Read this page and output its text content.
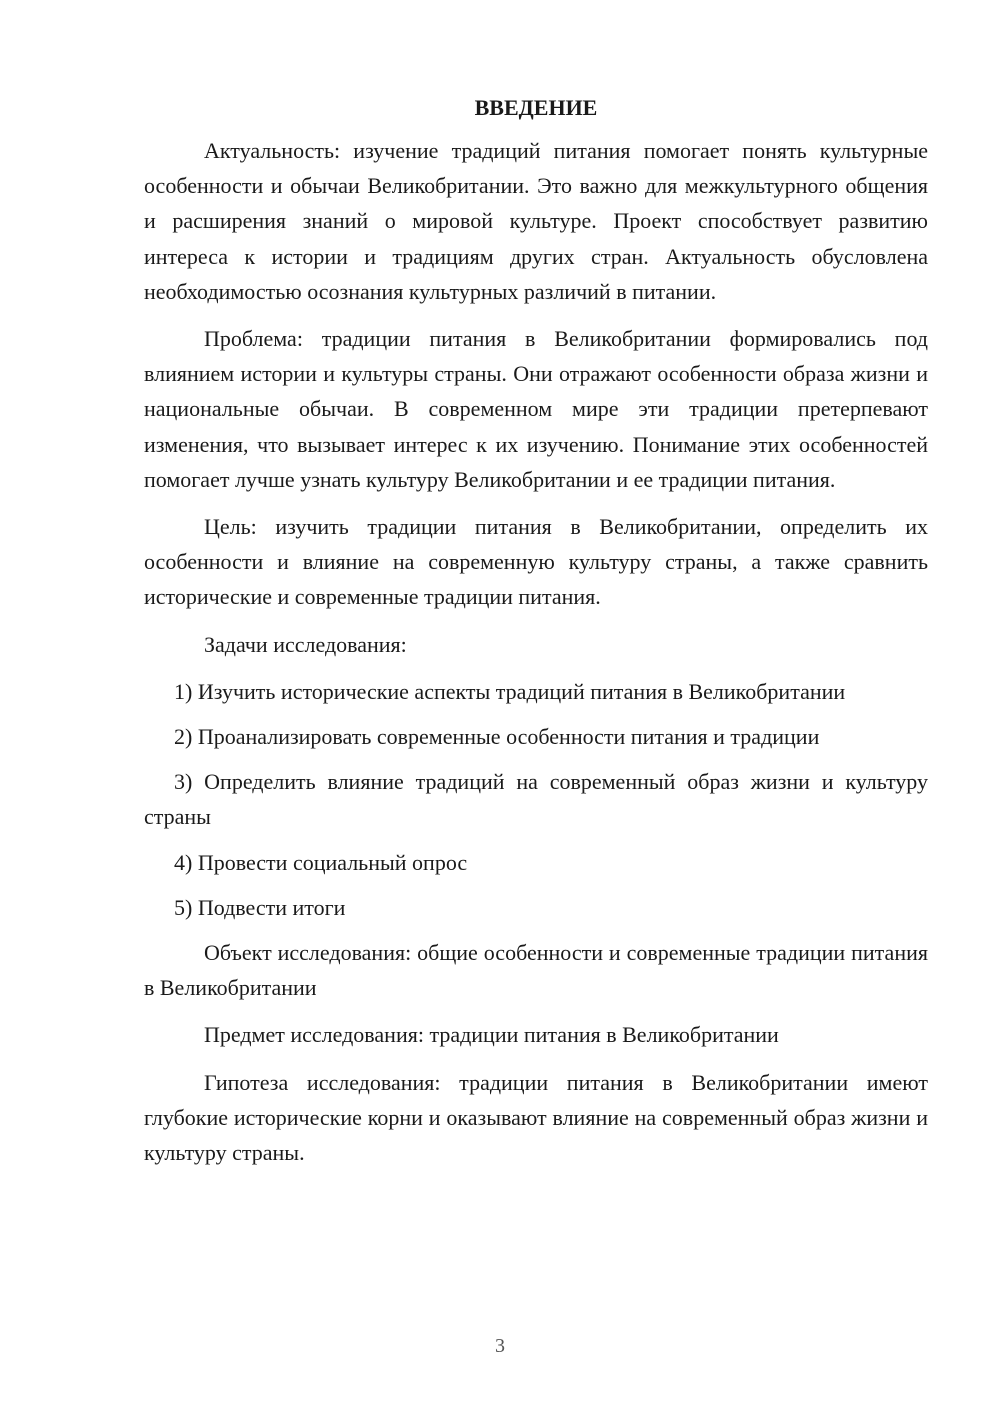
ВВЕДЕНИЕ

Актуальность: изучение традиций питания помогает понять культурные особенности и обычаи Великобритании. Это важно для межкультурного общения и расширения знаний о мировой культуре. Проект способствует развитию интереса к истории и традициям других стран. Актуальность обусловлена необходимостью осознания культурных различий в питании.

Проблема: традиции питания в Великобритании формировались под влиянием истории и культуры страны. Они отражают особенности образа жизни и национальные обычаи. В современном мире эти традиции претерпевают изменения, что вызывает интерес к их изучению. Понимание этих особенностей помогает лучше узнать культуру Великобритании и ее традиции питания.

Цель: изучить традиции питания в Великобритании, определить их особенности и влияние на современную культуру страны, а также сравнить исторические и современные традиции питания.

Задачи исследования:

1) Изучить исторические аспекты традиций питания в Великобритании

2) Проанализировать современные особенности питания и традиции

3) Определить влияние традиций на современный образ жизни и культуру страны

4) Провести социальный опрос

5) Подвести итоги

Объект исследования: общие особенности и современные традиции питания в Великобритании

Предмет исследования: традиции питания в Великобритании

Гипотеза исследования: традиции питания в Великобритании имеют глубокие исторические корни и оказывают влияние на современный образ жизни и культуру страны.

3
